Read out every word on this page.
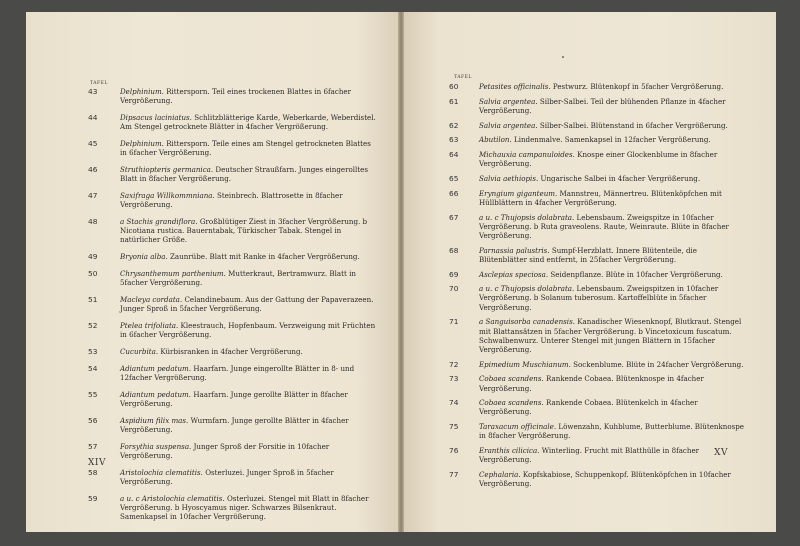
TAFEL
43	Delphinium. Rittersporn. Teil eines trockenen Blattes in 6facher Vergrößerung.
44	Dipsacus laciniatus. Schlitzblätterige Karde, Weberkarde, Weberdistel. Am Stengel getrocknete Blätter in 4facher Vergrößerung.
45	Delphinium. Rittersporn. Teile eines am Stengel getrockneten Blattes in 6facher Vergrößerung.
46	Struthiopteris germanica. Deutscher Straußfarn. Junges eingerolltes Blatt in 8facher Vergrößerung.
47	Saxifraga Willkommniana. Steinbrech. Blattrosette in 8facher Vergrößerung.
48	a Stachis grandiflora. Großblütiger Ziest in 3facher Vergrößerung. b Nicotiana rustica. Bauerntabak, Türkischer Tabak. Stengel in natürlicher Größe.
49	Bryonia alba. Zaunrübe. Blatt mit Ranke in 4facher Vergrößerung.
50	Chrysanthemum parthenium. Mutterkraut, Bertramwurz. Blatt in 5facher Vergrößerung.
51	Macleya cordata. Celandinebaum. Aus der Gattung der Papaverazeen. Junger Sproß in 5facher Vergrößerung.
52	Ptelea trifoliata. Kleestrauch, Hopfenbaum. Verzweigung mit Früchten in 6facher Vergrößerung.
53	Cucurbita. Kürbisranken in 4facher Vergrößerung.
54	Adiantum pedatum. Haarfarn. Junge eingerollte Blätter in 8- und 12facher Vergrößerung.
55	Adiantum pedatum. Haarfarn. Junge gerollte Blätter in 8facher Vergrößerung.
56	Aspidium filix mas. Wurmfarn. Junge gerollte Blätter in 4facher Vergrößerung.
57	Forsythia suspensa. Junger Sproß der Forsitie in 10facher Vergrößerung.
58	Aristolochia clematitis. Osterluzei. Junger Sproß in 5facher Vergrößerung.
59	a u. c Aristolochia clematitis. Osterluzei. Stengel mit Blatt in 8facher Vergrößerung. b Hyoscyamus niger. Schwarzes Bilsenkraut. Samenkapsel in 10facher Vergrößerung.
XIV
TAFEL
60	Petasites officinalis. Pestwurz. Blütenkopf in 5facher Vergrößerung.
61	Salvia argentea. Silber-Salbei. Teil der blühenden Pflanze in 4facher Vergrößerung.
62	Salvia argentea. Silber-Salbei. Blütenstand in 6facher Vergrößerung.
63	Abutilon. Lindenmalve. Samenkapsel in 12facher Vergrößerung.
64	Michauxia campanuloides. Knospe einer Glockenblume in 8facher Vergrößerung.
65	Salvia aethiopis. Ungarische Salbei in 4facher Vergrößerung.
66	Eryngium giganteum. Mannstreu, Männertreu. Blütenköpfchen mit Hüllblättern in 4facher Vergrößerung.
67	a u. c Thujopsis dolabrata. Lebensbaum. Zweigspitze in 10facher Vergrößerung. b Ruta graveolens. Raute, Weinraute. Blüte in 8facher Vergrößerung.
68	Parnassia palustris. Sumpf-Herzblatt. Innere Blütenteile, die Blütenblätter sind entfernt, in 25facher Vergrößerung.
69	Asclepias speciosa. Seidenpflanze. Blüte in 10facher Vergrößerung.
70	a u. c Thujopsis dolabrata. Lebensbaum. Zweigspitzen in 10facher Vergrößerung. b Solanum tuberosum. Kartoffelblüte in 5facher Vergrößerung.
71	a Sanguisorba canadensis. Kanadischer Wiesenknopf, Blutkraut. Stengel mit Blattansätzen in 5facher Vergrößerung. b Vincetoxicum fuscatum. Schwalbenwurz. Unterer Stengel mit jungen Blättern in 15facher Vergrößerung.
72	Epimedium Muschianum. Sockenblume. Blüte in 24facher Vergrößerung.
73	Cobaea scandens. Rankende Cobaea. Blütenknospe in 4facher Vergrößerung.
74	Cobaea scandens. Rankende Cobaea. Blütenkelch in 4facher Vergrößerung.
75	Taraxacum officinale. Löwenzahn, Kuhblume, Butterblume. Blütenknospe in 8facher Vergrößerung.
76	Eranthis cilicica. Winterling. Frucht mit Blatthülle in 8facher Vergrößerung.
77	Cephalaria. Kopfskabiose, Schuppenkopf. Blütenköpfchen in 10facher Vergrößerung.
XV
